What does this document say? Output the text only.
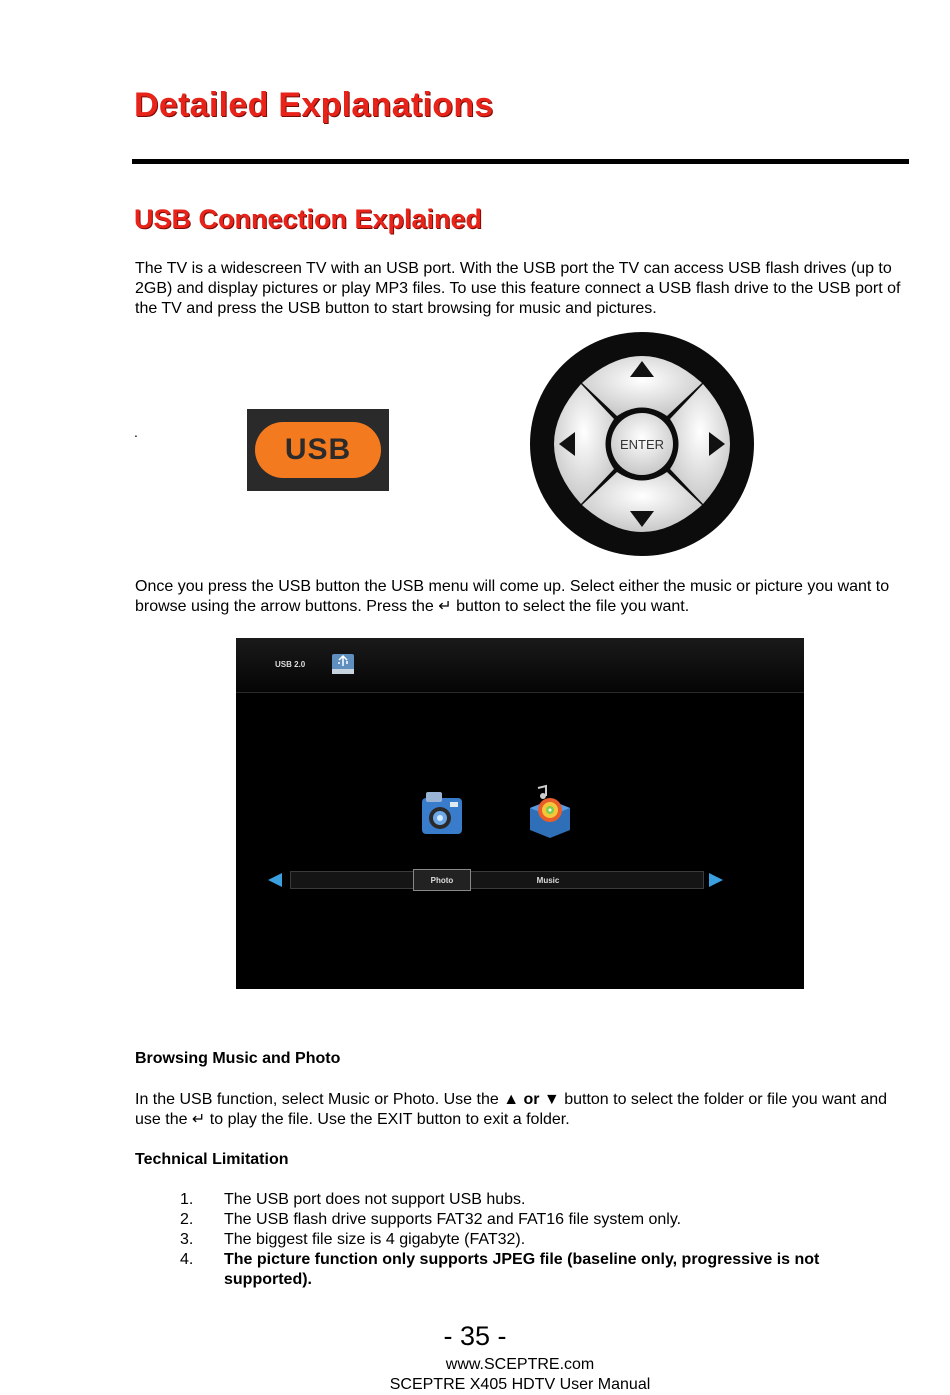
Detailed Explanations
USB Connection Explained

The TV is a widescreen TV with an USB port. With the USB port the TV can access USB flash drives (up to 2GB) and display pictures or play MP3 files. To use this feature connect a USB flash drive to the USB port of the TV and press the USB button to start browsing for music and pictures.

.
USB	ENTER

Once you press the USB button the USB menu will come up. Select either the music or picture you want to browse using the arrow buttons. Press the ↵ button to select the file you want.

USB 2.0
Photo	Music

Browsing Music and Photo

In the USB function, select Music or Photo. Use the ▲ or ▼ button to select the folder or file you want and use the ↵ to play the file. Use the EXIT button to exit a folder.

Technical Limitation

1. The USB port does not support USB hubs.
2. The USB flash drive supports FAT32 and FAT16 file system only.
3. The biggest file size is 4 gigabyte (FAT32).
4. The picture function only supports JPEG file (baseline only, progressive is not supported).
- 35 -
www.SCEPTRE.com
SCEPTRE X405 HDTV User Manual
